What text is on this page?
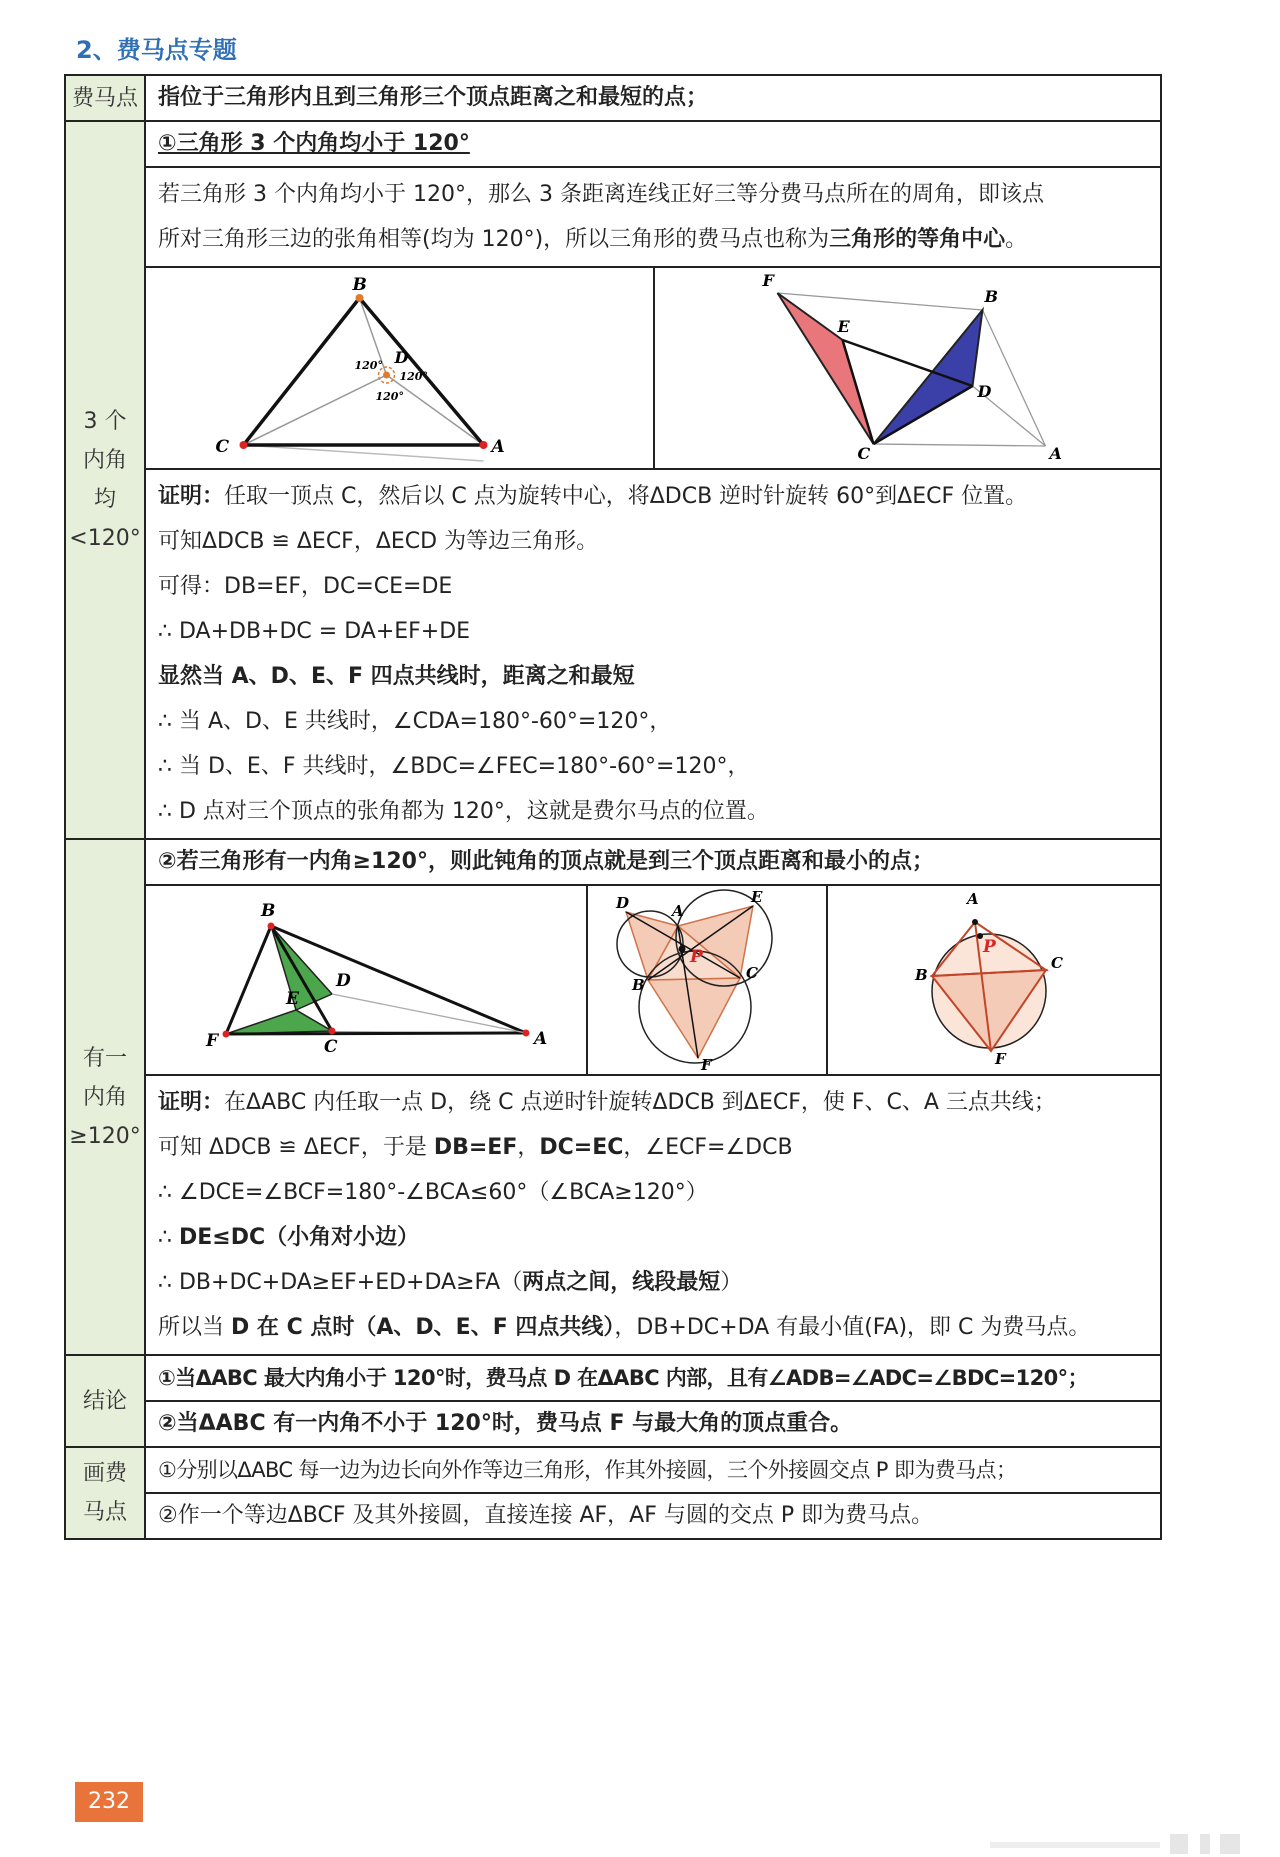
2、费马点专题
费马点	指位于三角形内且到三角形三个顶点距离之和最短的点；

3 个
内角
均
<120°
	①三角形 3 个内角均小于 120°

若三角形 3 个内角均小于 120°，那么 3 条距离连线正好三等分费马点所在的周角，即该点
所对三角形三边的张角相等(均为 120°)，所以三角形的费马点也称为三角形的等角中心。

B
C	A
D
120°
120°
120°

F
E
B
D
C	A

证明：任取一顶点 C，然后以 C 点为旋转中心，将ΔDCB 逆时针旋转 60°到ΔECF 位置。
可知ΔDCB ≌ ΔECF，ΔECD 为等边三角形。
可得：DB=EF，DC=CE=DE
∴ DA+DB+DC = DA+EF+DE
显然当 A、D、E、F 四点共线时，距离之和最短
∴ 当 A、D、E 共线时，∠CDA=180°-60°=120°，
∴ 当 D、E、F 共线时，∠BDC=∠FEC=180°-60°=120°，
∴ D 点对三个顶点的张角都为 120°，这就是费尔马点的位置。

有一
内角
≥120°
	②若三角形有一内角≥120°，则此钝角的顶点就是到三个顶点距离和最小的点；

B
D
E
F	C	A

D	A
E
P
B
C
F

A
P
B
C
F

证明：在ΔABC 内任取一点 D，绕 C 点逆时针旋转ΔDCB 到ΔECF，使 F、C、A 三点共线；
可知 ΔDCB ≌ ΔECF，于是 DB=EF，DC=EC，∠ECF=∠DCB
∴ ∠DCE=∠BCF=180°-∠BCA≤60°（∠BCA≥120°）
∴ DE≤DC（小角对小边）
∴ DB+DC+DA≥EF+ED+DA≥FA（两点之间，线段最短）
所以当 D 在 C 点时（A、D、E、F 四点共线），DB+DC+DA 有最小值(FA)，即 C 为费马点。

结论	①当ΔABC 最大内角小于 120°时，费马点 D 在ΔABC 内部，且有∠ADB=∠ADC=∠BDC=120°；
②当ΔABC 有一内角不小于 120°时，费马点 F 与最大角的顶点重合。

画费
马点
	①分别以ΔABC 每一边为边长向外作等边三角形，作其外接圆，三个外接圆交点 P 即为费马点；
②作一个等边ΔBCF 及其外接圆，直接连接 AF，AF 与圆的交点 P 即为费马点。
232
